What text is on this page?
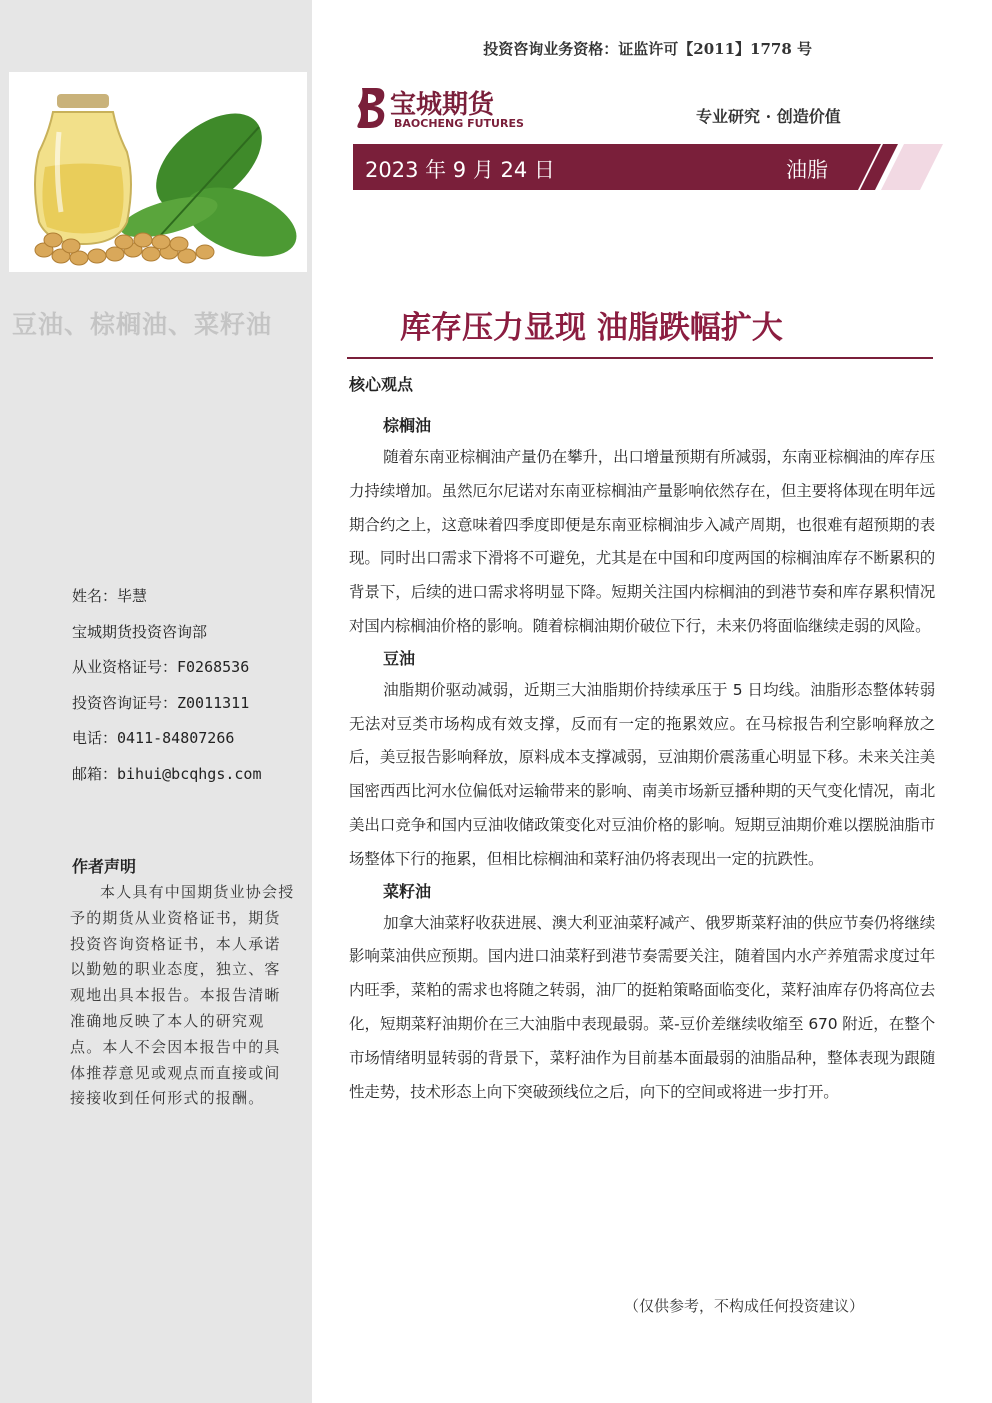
豆油、棕榈油、菜籽油
姓名：毕慧
宝城期货投资咨询部
从业资格证号：F0268536
投资咨询证号：Z0011311
电话：0411-84807266
邮箱：bihui@bcqhgs.com
作者声明
本人具有中国期货业协会授予的期货从业资格证书，期货投资咨询资格证书，本人承诺以勤勉的职业态度，独立、客观地出具本报告。本报告清晰准确地反映了本人的研究观点。本人不会因本报告中的具体推荐意见或观点而直接或间接接收到任何形式的报酬。
投资咨询业务资格：证监许可【2011】1778 号
宝城期货
BAOCHENG FUTURES	专业研究 · 创造价值
2023 年 9 月 24 日	油脂
库存压力显现 油脂跌幅扩大
核心观点
棕榈油

随着东南亚棕榈油产量仍在攀升，出口增量预期有所减弱，东南亚棕榈油的库存压力持续增加。虽然厄尔尼诺对东南亚棕榈油产量影响依然存在，但主要将体现在明年远期合约之上，这意味着四季度即便是东南亚棕榈油步入减产周期，也很难有超预期的表现。同时出口需求下滑将不可避免，尤其是在中国和印度两国的棕榈油库存不断累积的背景下，后续的进口需求将明显下降。短期关注国内棕榈油的到港节奏和库存累积情况对国内棕榈油价格的影响。随着棕榈油期价破位下行，未来仍将面临继续走弱的风险。

豆油

油脂期价驱动减弱，近期三大油脂期价持续承压于 5 日均线。油脂形态整体转弱无法对豆类市场构成有效支撑，反而有一定的拖累效应。在马棕报告利空影响释放之后，美豆报告影响释放，原料成本支撑减弱，豆油期价震荡重心明显下移。未来关注美国密西西比河水位偏低对运输带来的影响、南美市场新豆播种期的天气变化情况，南北美出口竞争和国内豆油收储政策变化对豆油价格的影响。短期豆油期价难以摆脱油脂市场整体下行的拖累，但相比棕榈油和菜籽油仍将表现出一定的抗跌性。

菜籽油

加拿大油菜籽收获进展、澳大利亚油菜籽减产、俄罗斯菜籽油的供应节奏仍将继续影响菜油供应预期。国内进口油菜籽到港节奏需要关注，随着国内水产养殖需求度过年内旺季，菜粕的需求也将随之转弱，油厂的挺粕策略面临变化，菜籽油库存仍将高位去化，短期菜籽油期价在三大油脂中表现最弱。菜-豆价差继续收缩至 670 附近，在整个市场情绪明显转弱的背景下，菜籽油作为目前基本面最弱的油脂品种，整体表现为跟随性走势，技术形态上向下突破颈线位之后，向下的空间或将进一步打开。

（仅供参考，不构成任何投资建议）
